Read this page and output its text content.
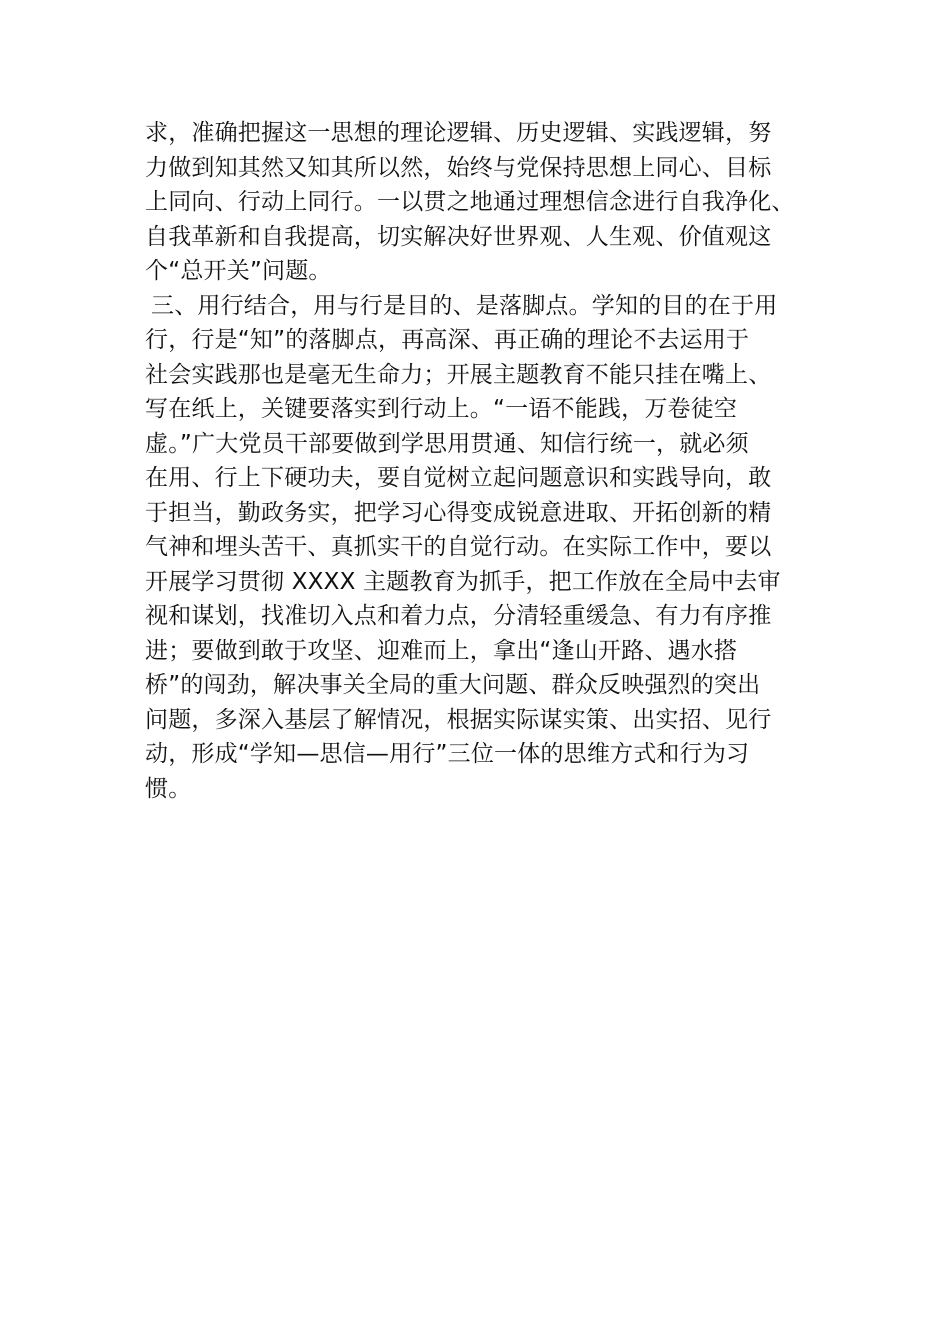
求，准确把握这一思想的理论逻辑、历史逻辑、实践逻辑，努
力做到知其然又知其所以然，始终与党保持思想上同心、目标
上同向、行动上同行。一以贯之地通过理想信念进行自我净化、
自我革新和自我提高，切实解决好世界观、人生观、价值观这
个“总开关”问题。
三、用行结合，用与行是目的、是落脚点。学知的目的在于用
行，行是“知”的落脚点，再高深、再正确的理论不去运用于
社会实践那也是毫无生命力；开展主题教育不能只挂在嘴上、
写在纸上，关键要落实到行动上。“一语不能践，万卷徒空
虚。”广大党员干部要做到学思用贯通、知信行统一，就必须
在用、行上下硬功夫，要自觉树立起问题意识和实践导向，敢
于担当，勤政务实，把学习心得变成锐意进取、开拓创新的精
气神和埋头苦干、真抓实干的自觉行动。在实际工作中，要以
开展学习贯彻 XXXX 主题教育为抓手，把工作放在全局中去审
视和谋划，找准切入点和着力点，分清轻重缓急、有力有序推
进；要做到敢于攻坚、迎难而上，拿出“逢山开路、遇水搭
桥”的闯劲，解决事关全局的重大问题、群众反映强烈的突出
问题，多深入基层了解情况，根据实际谋实策、出实招、见行
动，形成“学知—思信—用行”三位一体的思维方式和行为习
惯。
